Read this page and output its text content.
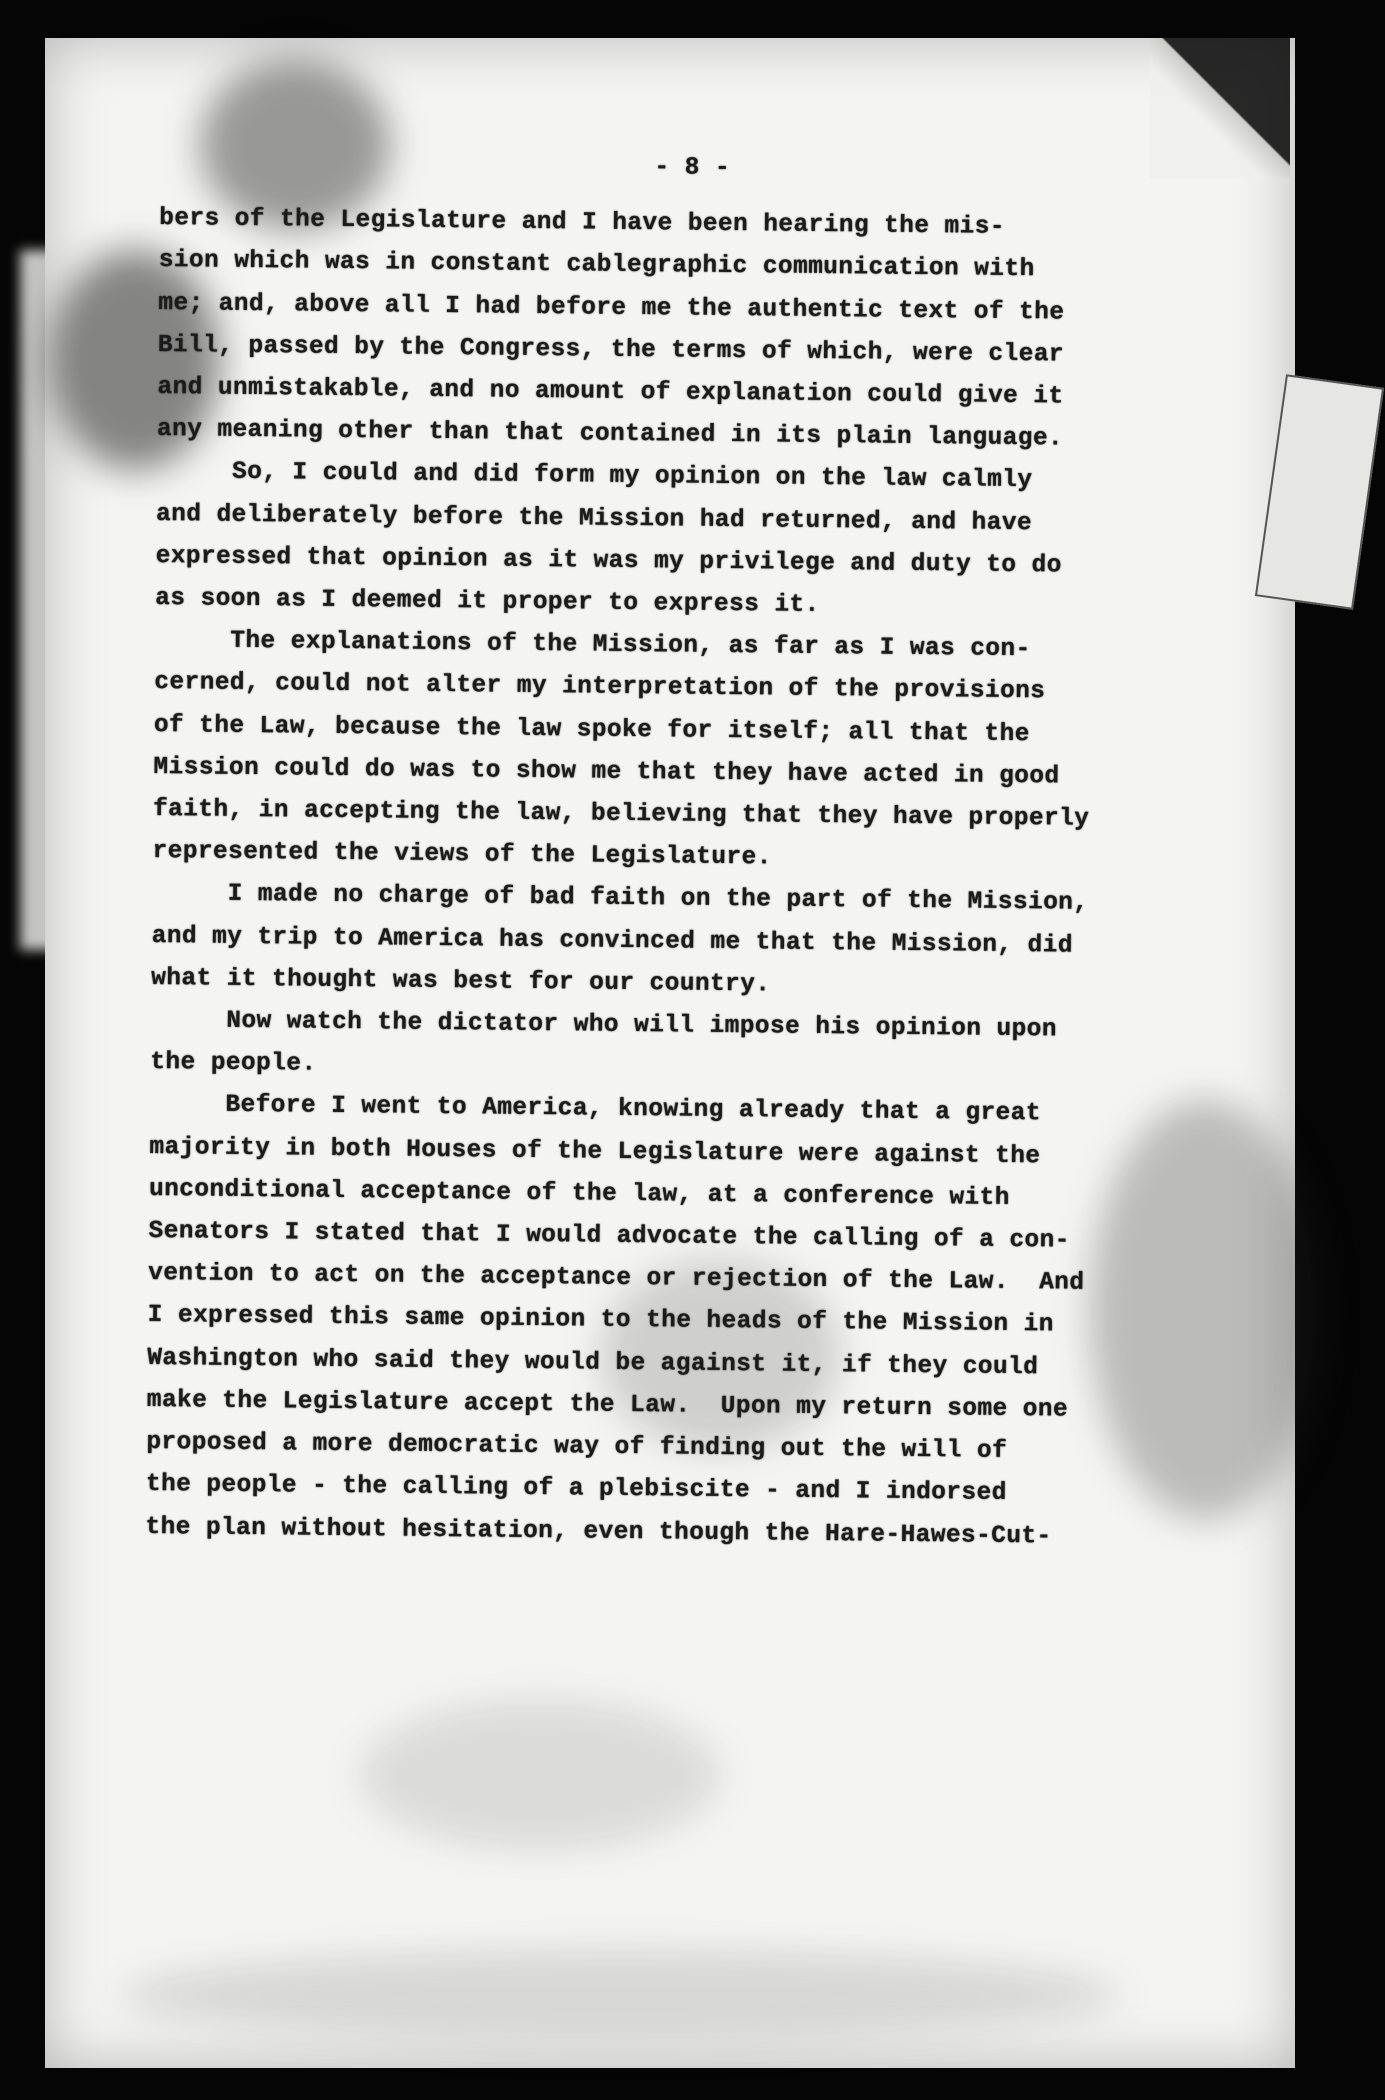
- 8 -
bers of the Legislature and I have been hearing the mis-
sion which was in constant cablegraphic communication with
me; and, above all I had before me the authentic text of the
Bill, passed by the Congress, the terms of which, were clear
and unmistakable, and no amount of explanation could give it
any meaning other than that contained in its plain language.
So, I could and did form my opinion on the law calmly
and deliberately before the Mission had returned, and have
expressed that opinion as it was my privilege and duty to do
as soon as I deemed it proper to express it.
The explanations of the Mission, as far as I was con-
cerned, could not alter my interpretation of the provisions
of the Law, because the law spoke for itself; all that the
Mission could do was to show me that they have acted in good
faith, in accepting the law, believing that they have properly
represented the views of the Legislature.
I made no charge of bad faith on the part of the Mission,
and my trip to America has convinced me that the Mission, did
what it thought was best for our country.
Now watch the dictator who will impose his opinion upon
the people.
Before I went to America, knowing already that a great
majority in both Houses of the Legislature were against the
unconditional acceptance of the law, at a conference with
Senators I stated that I would advocate the calling of a con-
vention to act on the acceptance or rejection of the Law.  And
I expressed this same opinion to the heads of the Mission in
Washington who said they would be against it, if they could
make the Legislature accept the Law.  Upon my return some one
proposed a more democratic way of finding out the will of
the people - the calling of a plebiscite - and I indorsed
the plan without hesitation, even though the Hare-Hawes-Cut-
